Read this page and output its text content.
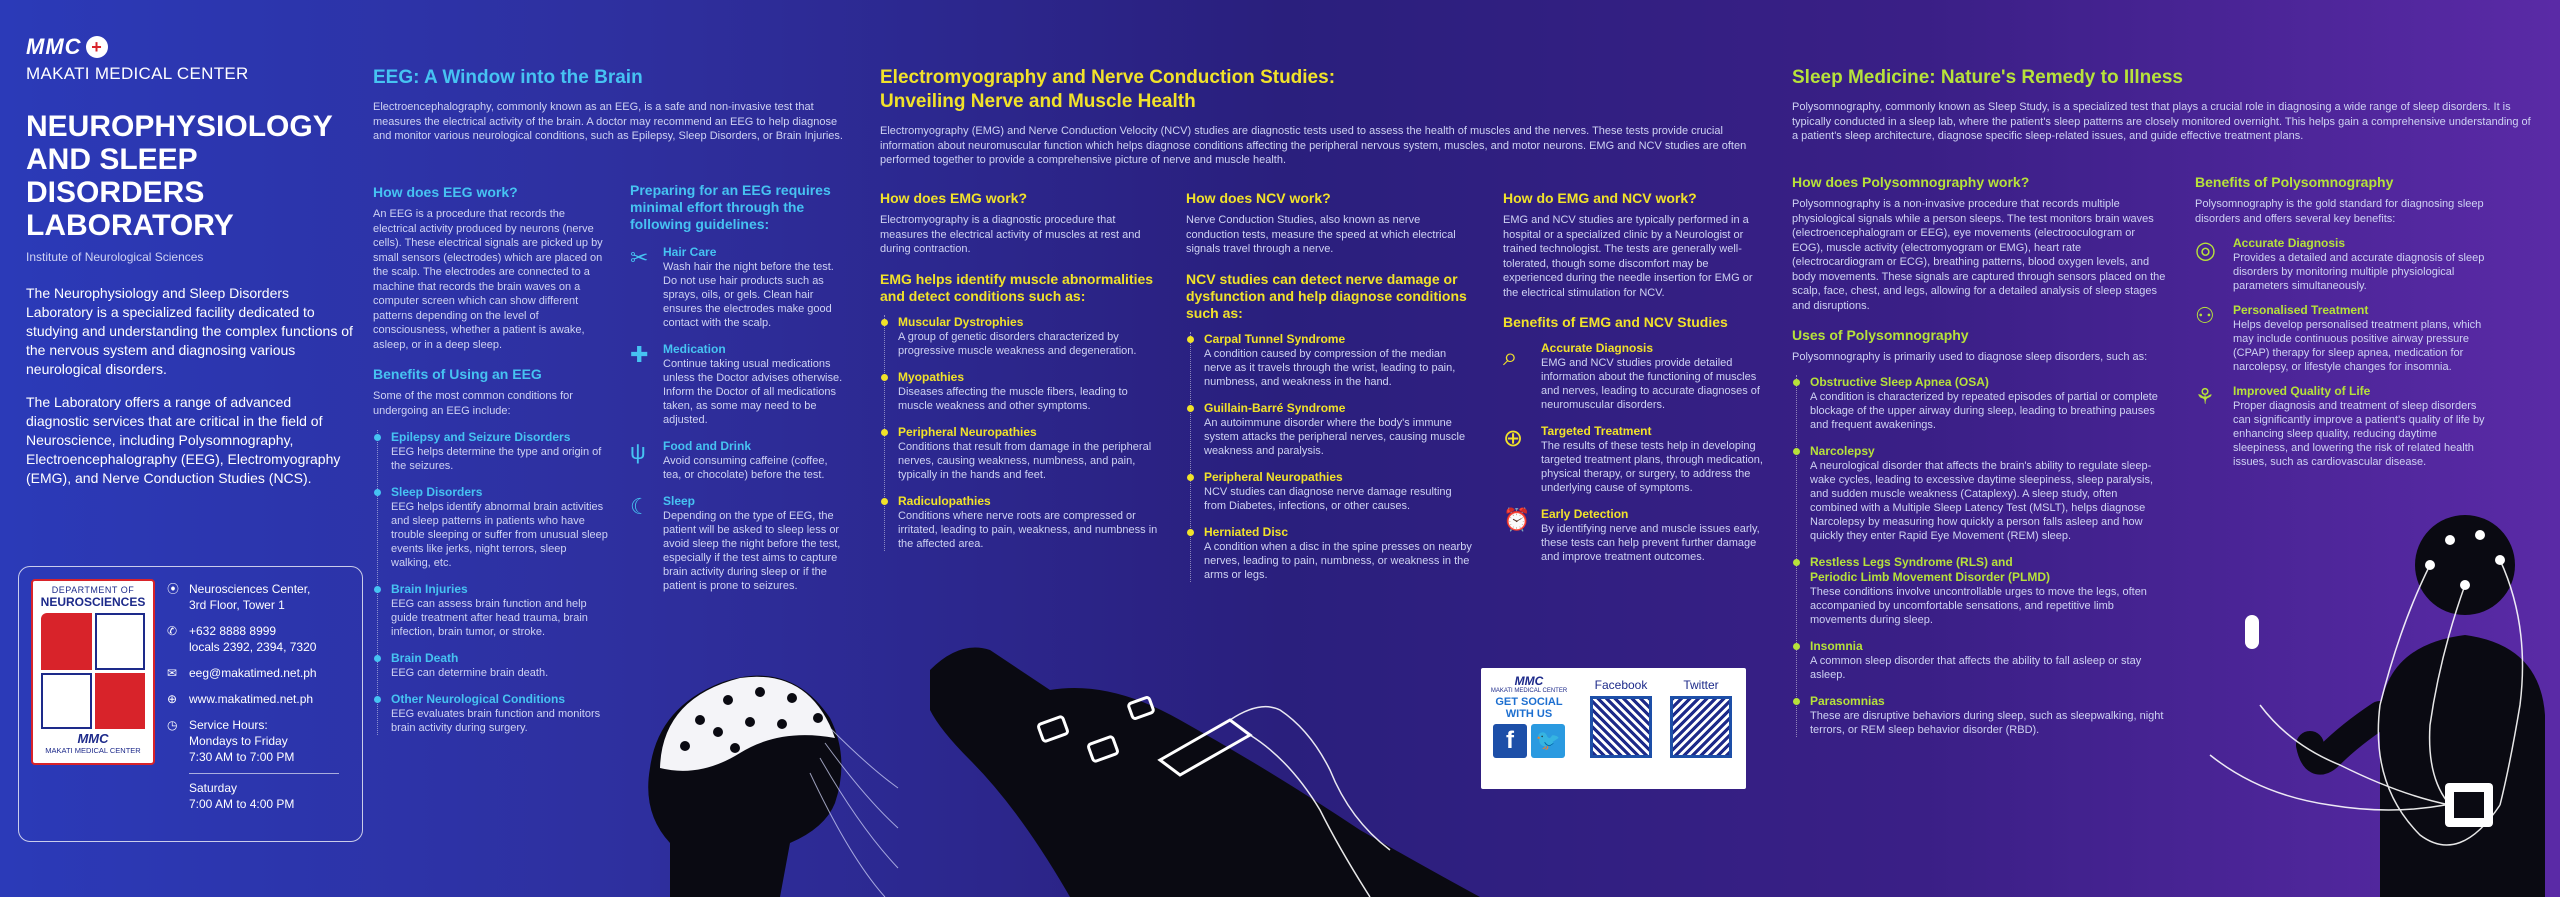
MMC +
MAKATI MEDICAL CENTER
NEUROPHYSIOLOGY
AND SLEEP
DISORDERS
LABORATORY
Institute of Neurological Sciences

The Neurophysiology and Sleep Disorders Laboratory is a specialized facility dedicated to studying and understanding the complex functions of the nervous system and diagnosing various neurological disorders.

The Laboratory offers a range of advanced diagnostic services that are critical in the field of Neuroscience, including Polysomnography, Electroencephalography (EEG), Electromyography (EMG), and Nerve Conduction Studies (NCS).

DEPARTMENT OF
NEUROSCIENCES
MMC
MAKATI MEDICAL CENTER
⦿ Neurosciences Center,
3rd Floor, Tower 1
✆ +632 8888 8999
locals 2392, 2394, 7320
✉ eeg@makatimed.net.ph
⊕ www.makatimed.net.ph
◷ Service Hours:
Mondays to Friday
7:30 AM to 7:00 PM
Saturday
7:00 AM to 4:00 PM
EEG: A Window into the Brain

Electroencephalography, commonly known as an EEG, is a safe and non-invasive test that measures the electrical activity of the brain. A doctor may recommend an EEG to help diagnose and monitor various neurological conditions, such as Epilepsy, Sleep Disorders, or Brain Injuries.

How does EEG work?

An EEG is a procedure that records the electrical activity produced by neurons (nerve cells). These electrical signals are picked up by small sensors (electrodes) which are placed on the scalp. The electrodes are connected to a machine that records the brain waves on a computer screen which can show different patterns depending on the level of consciousness, whether a patient is awake, asleep, or in a deep sleep.

Benefits of Using an EEG

Some of the most common conditions for undergoing an EEG include:

Epilepsy and Seizure Disorders
EEG helps determine the type and origin of the seizures.
Sleep Disorders
EEG helps identify abnormal brain activities and sleep patterns in patients who have trouble sleeping or suffer from unusual sleep events like jerks, night terrors, sleep walking, etc.
Brain Injuries
EEG can assess brain function and help guide treatment after head trauma, brain infection, brain tumor, or stroke.
Brain Death
EEG can determine brain death.
Other Neurological Conditions
EEG evaluates brain function and monitors brain activity during surgery.
Preparing for an EEG requires minimal effort through the following guidelines:
✂	Hair Care
Wash hair the night before the test. Do not use hair products such as sprays, oils, or gels. Clean hair ensures the electrodes make good contact with the scalp.
✚	Medication
Continue taking usual medications unless the Doctor advises otherwise. Inform the Doctor of all medications taken, as some may need to be adjusted.
ψ	Food and Drink
Avoid consuming caffeine (coffee, tea, or chocolate) before the test.
☾	Sleep
Depending on the type of EEG, the patient will be asked to sleep less or avoid sleep the night before the test, especially if the test aims to capture brain activity during sleep or if the patient is prone to seizures.
Electromyography and Nerve Conduction Studies:
Unveiling Nerve and Muscle Health

Electromyography (EMG) and Nerve Conduction Velocity (NCV) studies are diagnostic tests used to assess the health of muscles and the nerves. These tests provide crucial information about neuromuscular function which helps diagnose conditions affecting the peripheral nervous system, muscles, and motor neurons. EMG and NCV studies are often performed together to provide a comprehensive picture of nerve and muscle health.

How does EMG work?

Electromyography is a diagnostic procedure that measures the electrical activity of muscles at rest and during contraction.

EMG helps identify muscle abnormalities and detect conditions such as:
Muscular Dystrophies
A group of genetic disorders characterized by progressive muscle weakness and degeneration.
Myopathies
Diseases affecting the muscle fibers, leading to muscle weakness and other symptoms.
Peripheral Neuropathies
Conditions that result from damage in the peripheral nerves, causing weakness, numbness, and pain, typically in the hands and feet.
Radiculopathies
Conditions where nerve roots are compressed or irritated, leading to pain, weakness, and numbness in the affected area.
How does NCV work?

Nerve Conduction Studies, also known as nerve conduction tests, measure the speed at which electrical signals travel through a nerve.

NCV studies can detect nerve damage or dysfunction and help diagnose conditions such as:
Carpal Tunnel Syndrome
A condition caused by compression of the median nerve as it travels through the wrist, leading to pain, numbness, and weakness in the hand.
Guillain-Barré Syndrome
An autoimmune disorder where the body's immune system attacks the peripheral nerves, causing muscle weakness and paralysis.
Peripheral Neuropathies
NCV studies can diagnose nerve damage resulting from Diabetes, infections, or other causes.
Herniated Disc
A condition when a disc in the spine presses on nearby nerves, leading to pain, numbness, or weakness in the arms or legs.
How do EMG and NCV work?

EMG and NCV studies are typically performed in a hospital or a specialized clinic by a Neurologist or trained technologist. The tests are generally well-tolerated, though some discomfort may be experienced during the needle insertion for EMG or the electrical stimulation for NCV.

Benefits of EMG and NCV Studies
⌕	Accurate Diagnosis
EMG and NCV studies provide detailed information about the functioning of muscles and nerves, leading to accurate diagnoses of neuromuscular disorders.
⊕	Targeted Treatment
The results of these tests help in developing targeted treatment plans, through medication, physical therapy, or surgery, to address the underlying cause of symptoms.
⏰ Early Detection
By identifying nerve and muscle issues early, these tests can help prevent further damage and improve treatment outcomes.
MMC
MAKATI MEDICAL CENTER
GET SOCIAL
WITH US
f	🐦
Facebook	Twitter
Sleep Medicine: Nature's Remedy to Illness

Polysomnography, commonly known as Sleep Study, is a specialized test that plays a crucial role in diagnosing a wide range of sleep disorders. It is typically conducted in a sleep lab, where the patient's sleep patterns are closely monitored overnight. This helps gain a comprehensive understanding of a patient's sleep architecture, diagnose specific sleep-related issues, and guide effective treatment plans.

How does Polysomnography work?

Polysomnography is a non-invasive procedure that records multiple physiological signals while a person sleeps. The test monitors brain waves (electroencephalogram or EEG), eye movements (electrooculogram or EOG), muscle activity (electromyogram or EMG), heart rate (electrocardiogram or ECG), breathing patterns, blood oxygen levels, and body movements. These signals are captured through sensors placed on the scalp, face, chest, and legs, allowing for a detailed analysis of sleep stages and disruptions.

Uses of Polysomnography

Polysomnography is primarily used to diagnose sleep disorders, such as:

Obstructive Sleep Apnea (OSA)
A condition is characterized by repeated episodes of partial or complete blockage of the upper airway during sleep, leading to breathing pauses and frequent awakenings.
Narcolepsy
A neurological disorder that affects the brain's ability to regulate sleep-wake cycles, leading to excessive daytime sleepiness, sleep paralysis, and sudden muscle weakness (Cataplexy). A sleep study, often combined with a Multiple Sleep Latency Test (MSLT), helps diagnose Narcolepsy by measuring how quickly a person falls asleep and how quickly they enter Rapid Eye Movement (REM) sleep.
Restless Legs Syndrome (RLS) and Periodic Limb Movement Disorder (PLMD)
These conditions involve uncontrollable urges to move the legs, often accompanied by uncomfortable sensations, and repetitive limb movements during sleep.
Insomnia
A common sleep disorder that affects the ability to fall asleep or stay asleep.
Parasomnias
These are disruptive behaviors during sleep, such as sleepwalking, night terrors, or REM sleep behavior disorder (RBD).
Benefits of Polysomnography

Polysomnography is the gold standard for diagnosing sleep disorders and offers several key benefits:

◎	Accurate Diagnosis
Provides a detailed and accurate diagnosis of sleep disorders by monitoring multiple physiological parameters simultaneously.
⚇	Personalised Treatment
Helps develop personalised treatment plans, which may include continuous positive airway pressure (CPAP) therapy for sleep apnea, medication for narcolepsy, or lifestyle changes for insomnia.
⚘	Improved Quality of Life
Proper diagnosis and treatment of sleep disorders can significantly improve a patient's quality of life by enhancing sleep quality, reducing daytime sleepiness, and lowering the risk of related health issues, such as cardiovascular disease.
